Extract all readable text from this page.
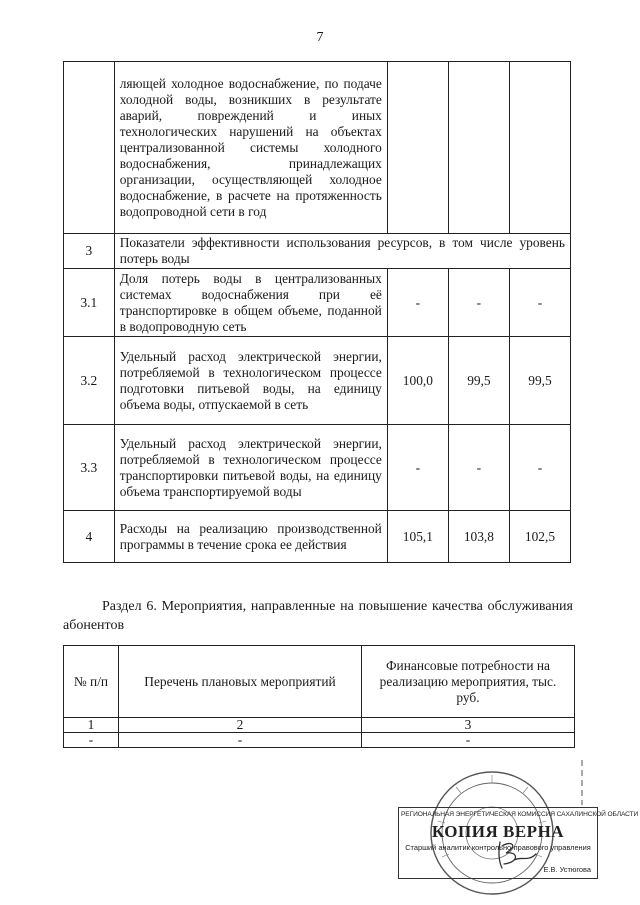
7
	ляющей холодное водоснабжение, по подаче холодной воды, возникших в результате аварий, повреждений и иных технологических нарушений на объектах централизованной системы холодного водоснабжения, принадлежащих организации, осуществляющей холодное водоснабжение, в расчете на протяженность водопроводной сети в год			
3	Показатели эффективности использования ресурсов, в том числе уровень потерь воды			
3.1	Доля потерь воды в централизованных системах водоснабжения при её транспортировке в общем объеме, поданной в водопроводную сеть	-	-	-
3.2	Удельный расход электрической энергии, потребляемой в технологическом процессе подготовки питьевой воды, на единицу объема воды, отпускаемой в сеть	100,0	99,5	99,5
3.3	Удельный расход электрической энергии, потребляемой в технологическом процессе транспортировки питьевой воды, на единицу объема транспортируемой воды	-	-	-
4	Расходы на реализацию производственной программы в течение срока ее действия	105,1	103,8	102,5
Раздел 6. Мероприятия, направленные на повышение качества обслуживания абонентов
№ п/п	Перечень плановых мероприятий	Финансовые потребности на реализацию мероприятия, тыс. руб.
1	2	3
-	-	-
РЕГИОНАЛЬНАЯ ЭНЕРГЕТИЧЕСКАЯ КОМИССИЯ САХАЛИНСКОЙ ОБЛАСТИ
КОПИЯ ВЕРНА
Старший аналитик контрольно-правового управления
Е.В. Устюгова
